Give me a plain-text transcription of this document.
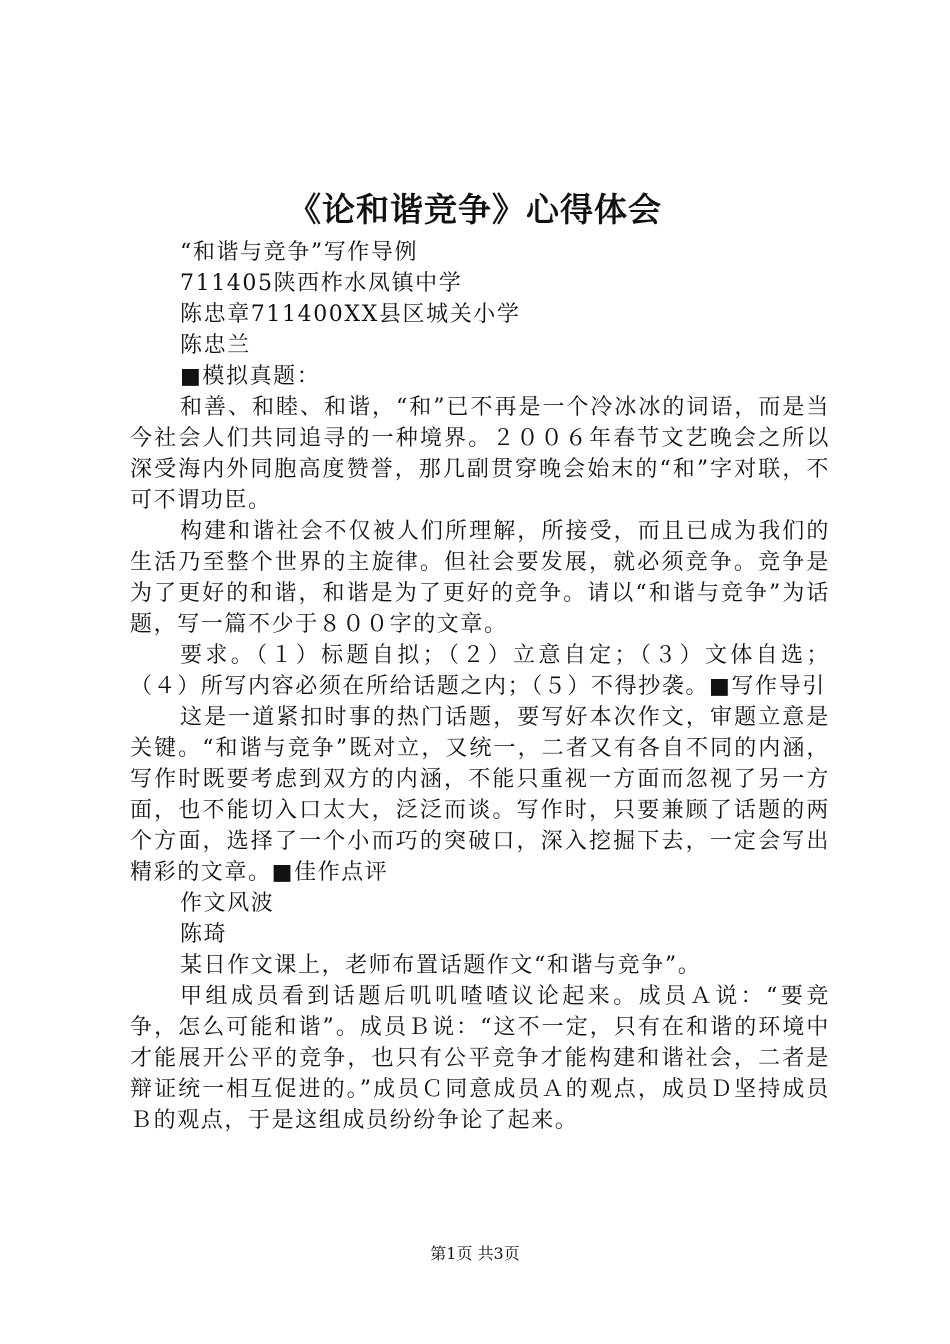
《论和谐竞争》心得体会

“和谐与竞争”写作导例

711405陕西柞水凤镇中学

陈忠章711400XX县区城关小学

陈忠兰

■模拟真题：

和善、和睦、和谐，“和”已不再是一个冷冰冰的词语，而是当今社会人们共同追寻的一种境界。２００６年春节文艺晚会之所以深受海内外同胞高度赞誉，那几副贯穿晚会始末的“和”字对联，不可不谓功臣。

构建和谐社会不仅被人们所理解，所接受，而且已成为我们的生活乃至整个世界的主旋律。但社会要发展，就必须竞争。竞争是为了更好的和谐，和谐是为了更好的竞争。请以“和谐与竞争”为话题，写一篇不少于８００字的文章。

要求。（１）标题自拟；（２）立意自定；（３）文体自选；（４）所写内容必须在所给话题之内；（５）不得抄袭。■写作导引

这是一道紧扣时事的热门话题，要写好本次作文，审题立意是关键。“和谐与竞争”既对立，又统一，二者又有各自不同的内涵，写作时既要考虑到双方的内涵，不能只重视一方面而忽视了另一方面，也不能切入口太大，泛泛而谈。写作时，只要兼顾了话题的两个方面，选择了一个小而巧的突破口，深入挖掘下去，一定会写出精彩的文章。■佳作点评

作文风波

陈琦

某日作文课上，老师布置话题作文“和谐与竞争”。

甲组成员看到话题后叽叽喳喳议论起来。成员Ａ说：“要竞争，怎么可能和谐”。成员Ｂ说：“这不一定，只有在和谐的环境中才能展开公平的竞争，也只有公平竞争才能构建和谐社会，二者是辩证统一相互促进的。”成员Ｃ同意成员Ａ的观点，成员Ｄ坚持成员Ｂ的观点，于是这组成员纷纷争论了起来。

第1页 共3页
